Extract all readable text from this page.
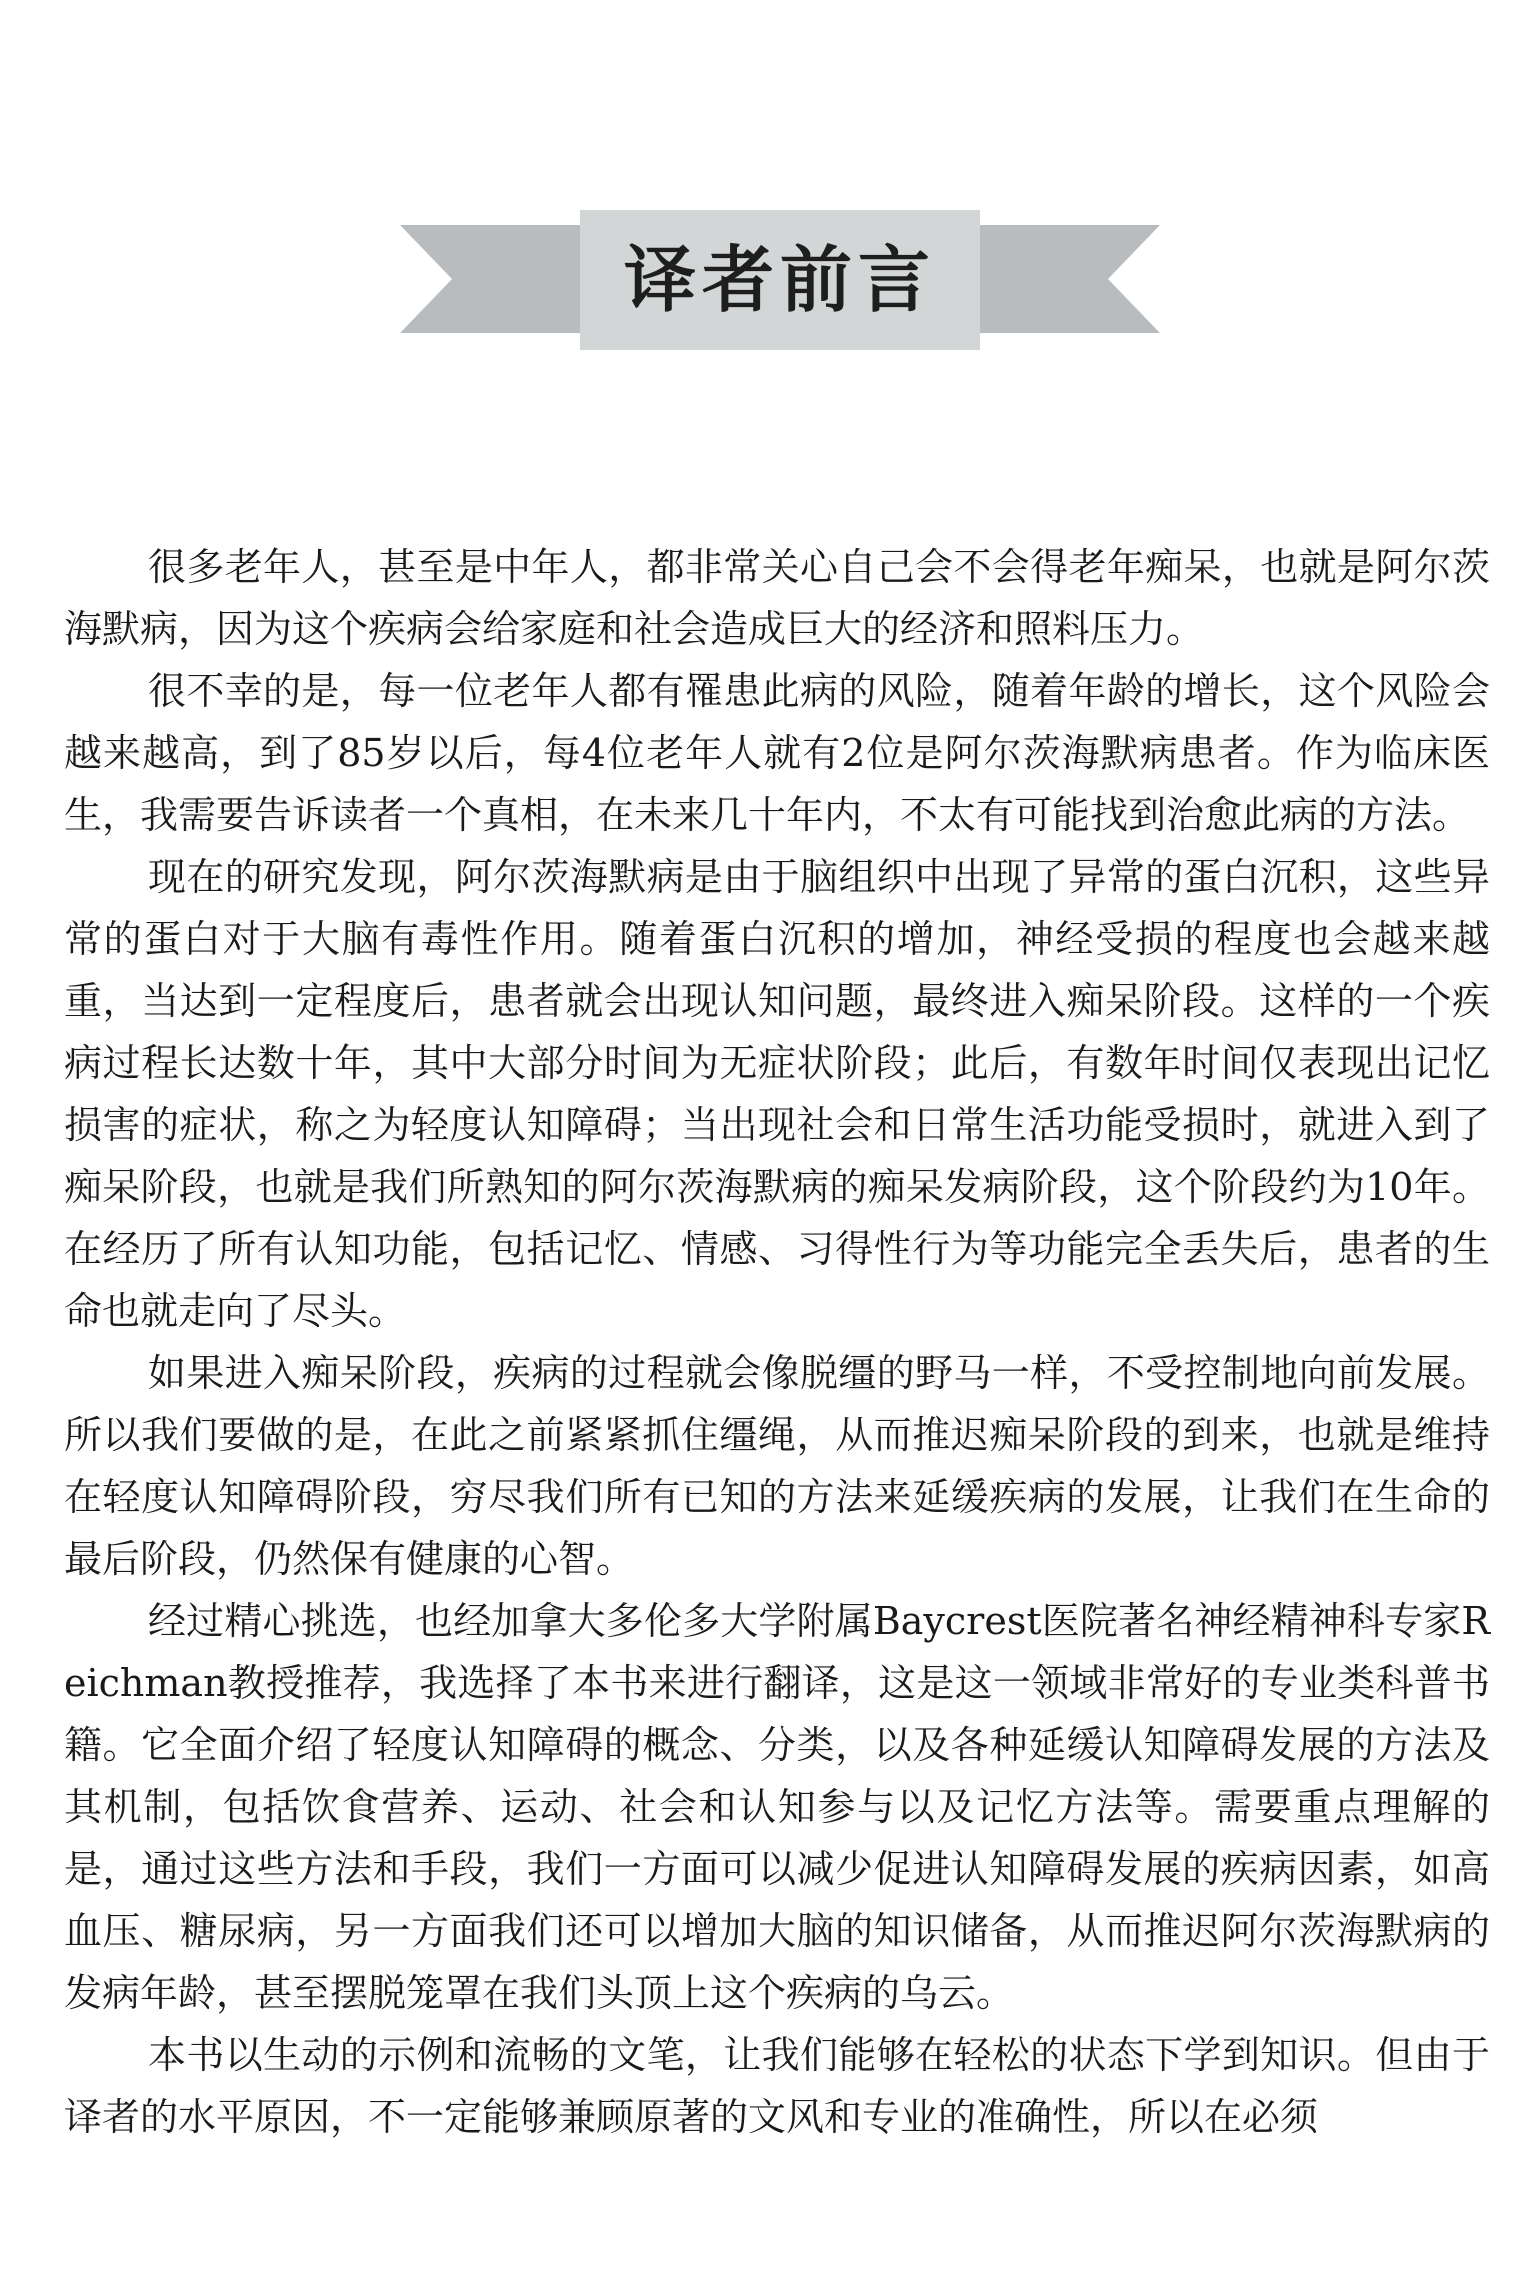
译者前言

很多老年人，甚至是中年人，都非常关心自己会不会得老年痴呆，也就是阿尔茨海默病，因为这个疾病会给家庭和社会造成巨大的经济和照料压力。

很不幸的是，每一位老年人都有罹患此病的风险，随着年龄的增长，这个风险会越来越高，到了85岁以后，每4位老年人就有2位是阿尔茨海默病患者。作为临床医生，我需要告诉读者一个真相，在未来几十年内，不太有可能找到治愈此病的方法。

现在的研究发现，阿尔茨海默病是由于脑组织中出现了异常的蛋白沉积，这些异常的蛋白对于大脑有毒性作用。随着蛋白沉积的增加，神经受损的程度也会越来越重，当达到一定程度后，患者就会出现认知问题，最终进入痴呆阶段。这样的一个疾病过程长达数十年，其中大部分时间为无症状阶段；此后，有数年时间仅表现出记忆损害的症状，称之为轻度认知障碍；当出现社会和日常生活功能受损时，就进入到了痴呆阶段，也就是我们所熟知的阿尔茨海默病的痴呆发病阶段，这个阶段约为10年。在经历了所有认知功能，包括记忆、情感、习得性行为等功能完全丢失后，患者的生命也就走向了尽头。

如果进入痴呆阶段，疾病的过程就会像脱缰的野马一样，不受控制地向前发展。所以我们要做的是，在此之前紧紧抓住缰绳，从而推迟痴呆阶段的到来，也就是维持在轻度认知障碍阶段，穷尽我们所有已知的方法来延缓疾病的发展，让我们在生命的最后阶段，仍然保有健康的心智。

经过精心挑选，也经加拿大多伦多大学附属Baycrest医院著名神经精神科专家Reichman教授推荐，我选择了本书来进行翻译，这是这一领域非常好的专业类科普书籍。它全面介绍了轻度认知障碍的概念、分类，以及各种延缓认知障碍发展的方法及其机制，包括饮食营养、运动、社会和认知参与以及记忆方法等。需要重点理解的是，通过这些方法和手段，我们一方面可以减少促进认知障碍发展的疾病因素，如高血压、糖尿病，另一方面我们还可以增加大脑的知识储备，从而推迟阿尔茨海默病的发病年龄，甚至摆脱笼罩在我们头顶上这个疾病的乌云。

本书以生动的示例和流畅的文笔，让我们能够在轻松的状态下学到知识。但由于译者的水平原因，不一定能够兼顾原著的文风和专业的准确性，所以在必须
